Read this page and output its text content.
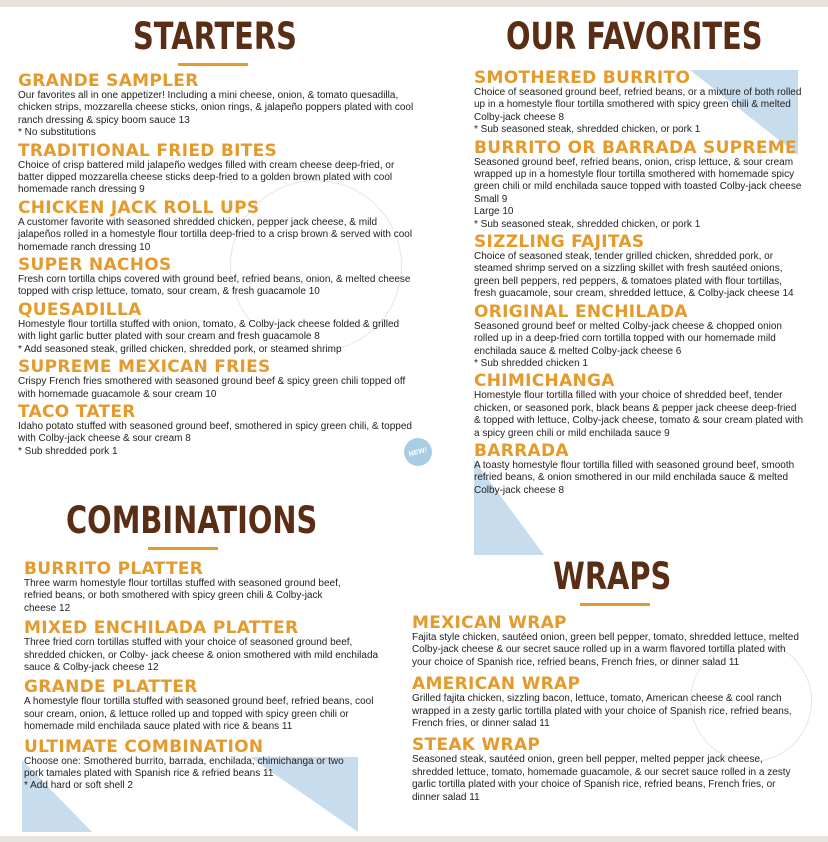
STARTERS	OUR FAVORITES
COMBINATIONS
WRAPS
NEW!
GRANDE SAMPLER

Our favorites all in one appetizer! Including a mini cheese, onion, & tomato quesadilla, chicken strips, mozzarella cheese sticks, onion rings, & jalapeño poppers plated with cool ranch dressing & spicy boom sauce 13

* No substitutions

TRADITIONAL FRIED BITES

Choice of crisp battered mild jalapeño wedges filled with cream cheese deep-fried, or batter dipped mozzarella cheese sticks deep-fried to a golden brown plated with cool homemade ranch dressing 9

CHICKEN JACK ROLL UPS

A customer favorite with seasoned shredded chicken, pepper jack cheese, & mild jalapeños rolled in a homestyle flour tortilla deep-fried to a crisp brown & served with cool homemade ranch dressing 10

SUPER NACHOS

Fresh corn tortilla chips covered with ground beef, refried beans, onion, & melted cheese topped with crisp lettuce, tomato, sour cream, & fresh guacamole 10

QUESADILLA

Homestyle flour tortilla stuffed with onion, tomato, & Colby-jack cheese folded & grilled with light garlic butter plated with sour cream and fresh guacamole 8

* Add seasoned steak, grilled chicken, shredded pork, or steamed shrimp

SUPREME MEXICAN FRIES

Crispy French fries smothered with seasoned ground beef & spicy green chili topped off with homemade guacamole & sour cream 10

TACO TATER

Idaho potato stuffed with seasoned ground beef, smothered in spicy green chili, & topped with Colby-jack cheese & sour cream 8

* Sub shredded pork 1

BURRITO PLATTER

Three warm homestyle flour tortillas stuffed with seasoned ground beef, refried beans, or both smothered with spicy green chili & Colby-jack cheese 12

MIXED ENCHILADA PLATTER

Three fried corn tortillas stuffed with your choice of seasoned ground beef, shredded chicken, or Colby- jack cheese & onion smothered with mild enchilada sauce & Colby-jack cheese 12

GRANDE PLATTER

A homestyle flour tortilla stuffed with seasoned ground beef, refried beans, cool sour cream, onion, & lettuce rolled up and topped with spicy green chili or homemade mild enchilada sauce plated with rice & beans 11

ULTIMATE COMBINATION

Choose one: Smothered burrito, barrada, enchilada, chimichanga or two pork tamales plated with Spanish rice & refried beans 11

* Add hard or soft shell 2

SMOTHERED BURRITO

Choice of seasoned ground beef, refried beans, or a mixture of both rolled up in a homestyle flour tortilla smothered with spicy green chili & melted Colby-jack cheese 8

* Sub seasoned steak, shredded chicken, or pork 1

BURRITO OR BARRADA SUPREME

Seasoned ground beef, refried beans, onion, crisp lettuce, & sour cream wrapped up in a homestyle flour tortilla smothered with homemade spicy green chili or mild enchilada sauce topped with toasted Colby-jack cheese

Small 9

Large 10

* Sub seasoned steak, shredded chicken, or pork 1

SIZZLING FAJITAS

Choice of seasoned steak, tender grilled chicken, shredded pork, or steamed shrimp served on a sizzling skillet with fresh sautéed onions, green bell peppers, red peppers, & tomatoes plated with flour tortillas, fresh guacamole, sour cream, shredded lettuce, & Colby-jack cheese 14

ORIGINAL ENCHILADA

Seasoned ground beef or melted Colby-jack cheese & chopped onion rolled up in a deep-fried corn tortilla topped with our homemade mild enchilada sauce & melted Colby-jack cheese 6

* Sub shredded chicken 1

CHIMICHANGA

Homestyle flour tortilla filled with your choice of shredded beef, tender chicken, or seasoned pork, black beans & pepper jack cheese deep-fried & topped with lettuce, Colby-jack cheese, tomato & sour cream plated with a spicy green chili or mild enchilada sauce 9

BARRADA

A toasty homestyle flour tortilla filled with seasoned ground beef, smooth refried beans, & onion smothered in our mild enchilada sauce & melted Colby-jack cheese 8

MEXICAN WRAP

Fajita style chicken, sautéed onion, green bell pepper, tomato, shredded lettuce, melted Colby-jack cheese & our secret sauce rolled up in a warm flavored tortilla plated with your choice of Spanish rice, refried beans, French fries, or dinner salad 11

AMERICAN WRAP

Grilled fajita chicken, sizzling bacon, lettuce, tomato, American cheese & cool ranch wrapped in a zesty garlic tortilla plated with your choice of Spanish rice, refried beans, French fries, or dinner salad 11

STEAK WRAP

Seasoned steak, sautéed onion, green bell pepper, melted pepper jack cheese, shredded lettuce, tomato, homemade guacamole, & our secret sauce rolled in a zesty garlic tortilla plated with your choice of Spanish rice, refried beans, French fries, or dinner salad 11
